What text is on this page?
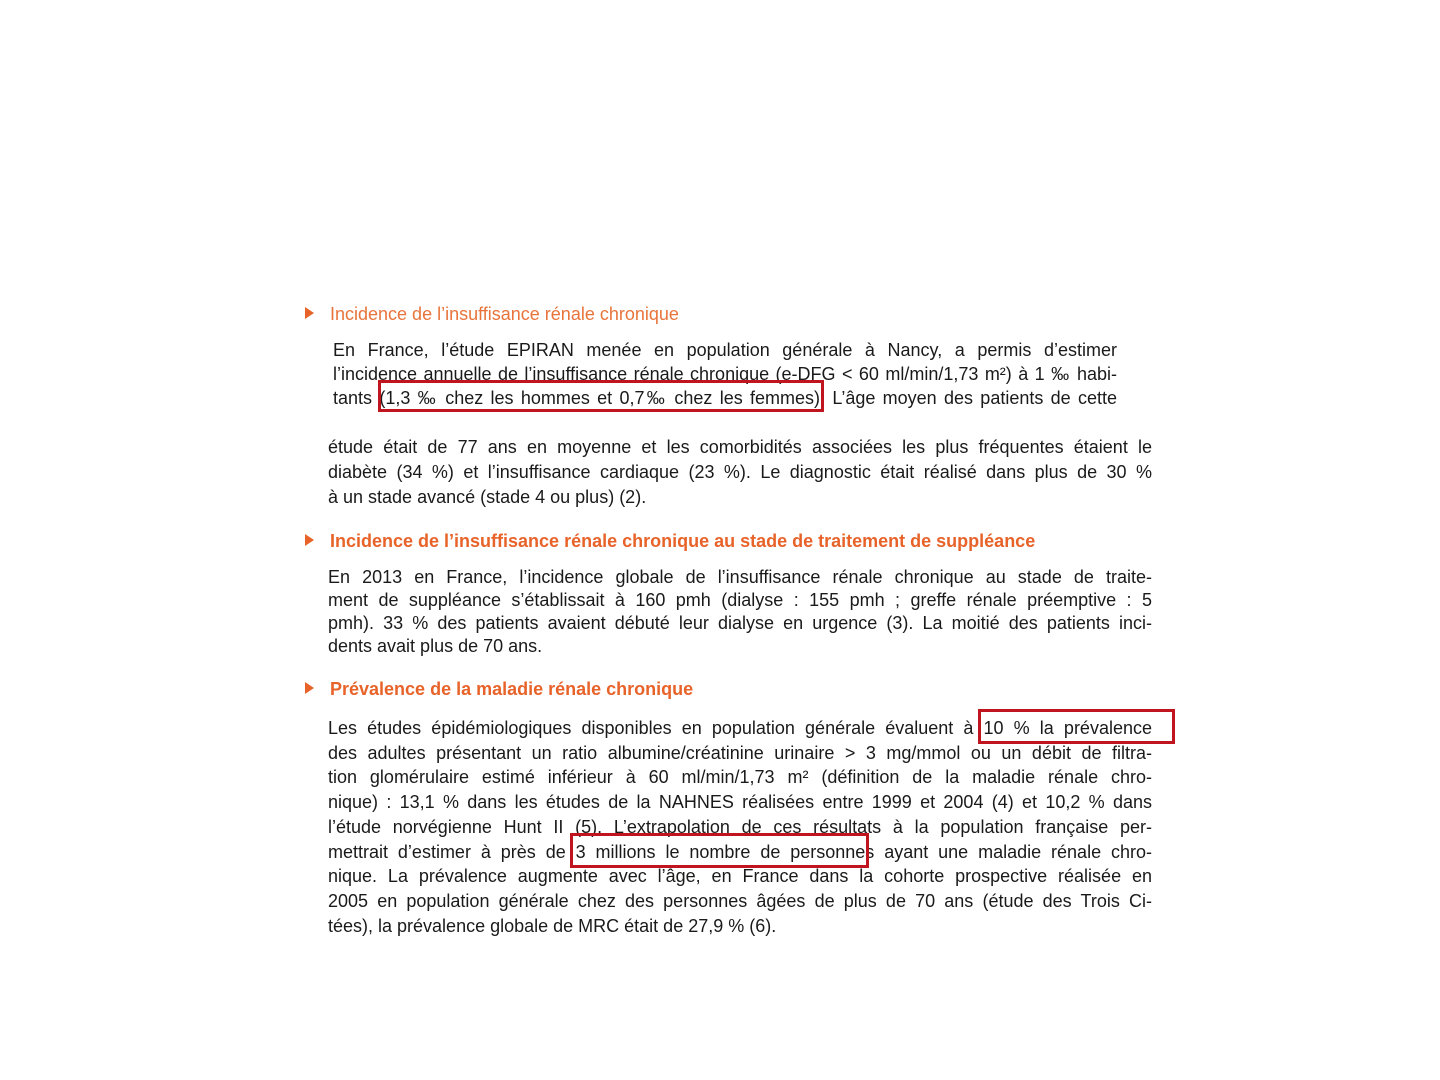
Incidence de l’insuffisance rénale chronique
En France, l’étude EPIRAN menée en population générale à Nancy, a permis d’estimer
l’incidence annuelle de l’insuffisance rénale chronique (e-DFG < 60 ml/min/1,73 m²) à 1 ‰ habi-
tants (1,3 ‰ chez les hommes et 0,7‰ chez les femmes). L’âge moyen des patients de cette
étude était de 77 ans en moyenne et les comorbidités associées les plus fréquentes étaient le
diabète (34 %) et l’insuffisance cardiaque (23 %). Le diagnostic était réalisé dans plus de 30 %
à un stade avancé (stade 4 ou plus) (2).
Incidence de l’insuffisance rénale chronique au stade de traitement de suppléance
En 2013 en France, l’incidence globale de l’insuffisance rénale chronique au stade de traite-
ment de suppléance s’établissait à 160 pmh (dialyse : 155 pmh ; greffe rénale préemptive : 5
pmh). 33 % des patients avaient débuté leur dialyse en urgence (3). La moitié des patients inci-
dents avait plus de 70 ans.
Prévalence de la maladie rénale chronique
Les études épidémiologiques disponibles en population générale évaluent à 10 % la prévalence
des adultes présentant un ratio albumine/créatinine urinaire > 3 mg/mmol ou un débit de filtra-
tion glomérulaire estimé inférieur à 60 ml/min/1,73 m² (définition de la maladie rénale chro-
nique) : 13,1 % dans les études de la NAHNES réalisées entre 1999 et 2004 (4) et 10,2 % dans
l’étude norvégienne Hunt II (5). L’extrapolation de ces résultats à la population française per-
mettrait d’estimer à près de 3 millions le nombre de personnes ayant une maladie rénale chro-
nique. La prévalence augmente avec l’âge, en France dans la cohorte prospective réalisée en
2005 en population générale chez des personnes âgées de plus de 70 ans (étude des Trois Ci-
tées), la prévalence globale de MRC était de 27,9 % (6).
